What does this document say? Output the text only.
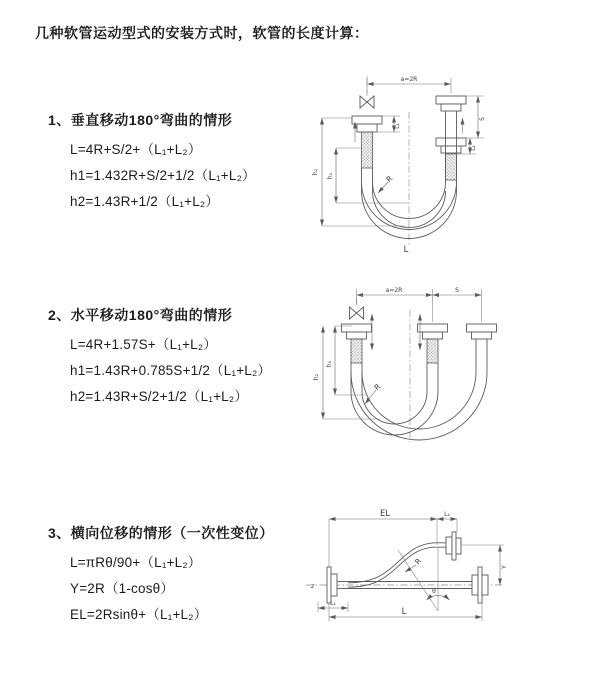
几种软管运动型式的安装方式时，软管的长度计算：
1、垂直移动180°弯曲的情形
L=4R+S/2+（L₁+L₂）
h1=1.432R+S/2+1/2（L₁+L₂）
h2=1.43R+1/2（L₁+L₂）
2、水平移动180°弯曲的情形
L=4R+1.57S+（L₁+L₂）
h1=1.43R+0.785S+1/2（L₁+L₂）
h2=1.43R+S/2+1/2（L₁+L₂）
3、横向位移的情形（一次性变位）
L=πRθ/90+（L₁+L₂）
Y=2R（1-cosθ）
EL=2Rsinθ+（L₁+L₂）
a=2R
S
L₁
L₁
h₁
h₂
R
L
a=2R	S
h₁
h₂
R
z
EL	L₂
Y
θ
R
L₁
L
